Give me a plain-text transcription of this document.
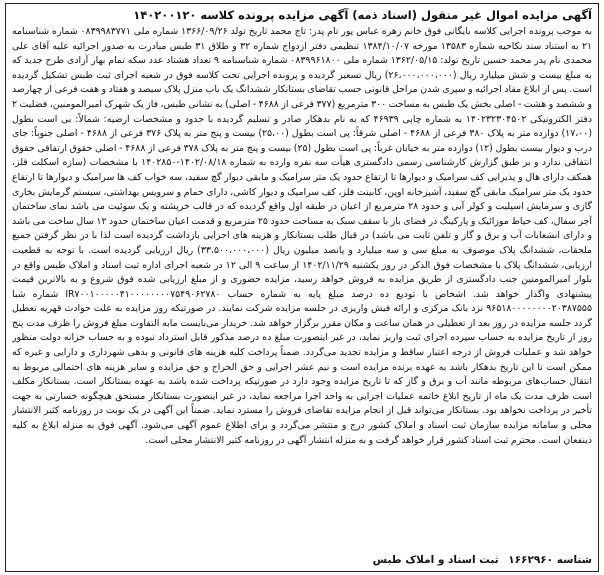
آگهی مزایده اموال غیر منقول (اسناد ذمه) آگهی مزایده پرونده کلاسه ۱۴۰۲۰۰۱۲۰
به موجب پرونده اجرایی کلاسه بایگانی فوق خانم زهره عباس پور نام پدر: تاج محمد تاریخ تولد ۱۳۶۶/۰۹/۲۶ شماره ملی ۰۸۳۹۹۸۳۷۷۱ شماره شناسنامه ۲۱ به استناد سند نکاحیه شماره ۱۳۵۸۳ مورخه ۱۳۸۴/۱۰/۰۷ تنظیمی دفتر ازدواج شماره ۳۲ و طلاق ۳۱ طبس مبادرت به صدور اجرائیه علیه آقای علی محمدی نام پدر محمد حسین تاریخ تولد: ۱۳۶۲/۰۵/۱۵ شماره ملی ۰۸۳۹۹۶۱۸۰۰ شماره شناسنامه ۹ تعداد هشتاد عدد سکه تمام بهار آزادی طرح جدید که به مبلغ بیست و شش میلیارد ریال (۲۶،۰۰۰،۰۰۰،۰۰۰) ریال تسعیر گردیده و پرونده اجرایی تحت کلاسه فوق در شعبه اجرای ثبت طبس تشکیل گردیده است. پس از ابلاغ مفاد اجرائیه و سپری شدن مراحل قانونی حسب تقاضای بستانکار ششدانگ یک باب منزل پلاک سیصد و هفتاد و هفت فرعی از چهارصد و ششصد و هشت - اصلی بخش یک طبس به مساحت ۳۰۰ مترمربع (۳۷۷ فرعی از ۴۶۸۸ - اصلی) به نشانی طبس، فاز یک شهرک امیرالمومنین، فضلیت ۲ دفتر الکترونیکی ۱۴۰۲۳۲۳۰۴۵۰۲ به شماره چاپی ۴۶۹۳۹ که به نام بدهکار صادر و تسلیم گردیده با حدود و مشخصات ارضیه: شمالاً: بی است بطول (۱۷،۰۰) دوازده متر به پلاک ۳۸۰ فرعی از ۴۶۸۸ - اصلی شرقاً: پی است بطول (۲۵،۰۰) بیست و پنج متر به پلاک ۳۷۶ فرعی از ۴۶۸۸ - اصلی جنوباً: جای درب و دیوار بیست بطول (۱۲) دوازده متر به خیابان غرباً: پی است بطول (۲۵) بیست و پنج متر به پلاک ۳۷۸ فرعی از ۴۶۸۸ - اصلی حقوق ارتفاقی حقوق انتفاقی ندارد و بر طبق گزارش کارشناسی رسمی دادگستری هیأت سه نفره وارده به شماره ۱۴۰۲/۰۸/۱۸-۱۴۰۲۸۵۰ با مشخصات (سازه اسکلت فلز، همکف دارای هال و پذیرایی کف سرامیک و دیوارها تا ارتفاع حدود یک متر سرامیک و مابقی دیوار گچ سفید، سه خواب کف ها سرامیک و دیوارها تا ارتفاع حدود یک متر سرامیک مابقی گچ سفید، آشپزخانه اوپن، کابینت فلز، کف سرامیک و دیوار کاشی، دارای حمام و سرویس بهداشتی، سیستم گرمایش بخاری گازی و سرمایش اسپلیت و کولر آبی و حدود ۲۸ مترمربع از اعیان در طبقه اول واقع گردیده که در قالب خرپشته و یک سوئیت می باشد نمای ساختمان آجر سفال، کف حیاط موزائیک و پارکینگ در فضای باز با سقف سبک به مساحت حدود ۲۵ مترمربع و قدمت اعیان ساختمان حدود ۱۲ سال ساخت می باشد و دارای انشعابات آب و برق و گاز و تلفن ثابت می باشد) در قبال طلب بستانکار و هزینه های اجرایی بازداشت گردیده است لذا با در نظر گرفتن جمیع ملحقات، ششدانگ پلاک موصوف به مبلغ سی و سه میلیارد و پانصد میلیون ریال (۳۳،۵۰۰،۰۰۰،۰۰۰) ریال ارزیابی گردیده است. با توجه به قطعیت ارزیابی، ششدانگ پلاک با مشخصات فوق الذکر در روز یکشنبه ۱۴۰۲/۱۱/۲۹ از ساعت ۹ الی ۱۲ در شعبه اجرای اداره ثبت اسناد و املاک طبس واقع در بلوار امیرالمومنین جنب دادگستری از طریق مزایده به فروش خواهد رسید، مزایده حضوری و از مبلغ ارزیابی شده فوق شروع و به بالاترین قیمت پیشنهادی واگذار خواهد شد. اشخاص با تودیع ده درصد مبلغ پایه به شماره حساب IR۷۰۰۱۰۰۰۰۰۴۱۰۰۰۰۰۰۰۰۷۵۴۹۰۶۲۷۸۰ شماره شبا ۹۶۵۱۸۰۰۰۰۰۰۰۰۲۰۳۸۷۵۵۵ نزد بانک مرکزی و ارائه فیش واریزی در جلسه مزایده شرکت نمایند. در صورتیکه روز مزایده به علت حوادث قهریه تعطیل گردد جلسه مزایده در روز بعد از تعطیلی در همان ساعت و مکان مقرر برگزار خواهد شد. خریدار می‌بایست مابه التفاوت مبلغ فروش را ظرف مدت پنج روز از تاریخ مزایده به حساب سپرده اجرای ثبت واریز نماید، در غیر اینصورت مبلغ ده درصد مذکور قابل استرداد نبوده و به حساب خزانه دولت منظور خواهد شد و عملیات فروش از درجه اعتبار ساقط و مزایده تجدید می‌گردد. ضمناً پرداخت کلیه هزینه های قانونی و بدهی شهرداری و دارایی و غیره که ممکن است تا این تاریخ بدهکار باشد به عهده برنده مزایده است و نیم عشر اجرایی و حق الحراج و حق مزایده و سایر هزینه های احتمالی مربوط به انتقال حساب‌های مربوطه مانند آب و برق و گاز که تا تاریخ مزایده وجود دارد در صورتیکه پرداخت شده باشد به عهده بستانکار است. بستانکار مکلف است ظرف مدت یک ماه از تاریخ ابلاغ خاتمه عملیات اجرایی به واحد اجرا مراجعه نماید، در غیر اینصورت بستانکار مستحق هیچگونه خسارتی به جهت تأخیر در پرداخت نخواهد بود. بستانکار می‌تواند قبل از انجام مزایده تقاضای فروش را مسترد نماید. ضمناً این آگهی در یک نوبت در روزنامه کثیر الانتشار محلی و سامانه مزایده سازمان ثبت اسناد و املاک کشور درج و منتشر می‌گردد و برای اطلاع عموم آگهی می‌شود. آگهی فوق به منزله ابلاغ به کلیه ذینفعان است. محترم ثبت اسناد کشور قرار خواهد گرفت و به منزله انتشار آگهی در روزنامه کثیر الانتشار محلی است.
شناسه ۱۶۶۲۹۶۰ ثبت اسناد و املاک طبس
